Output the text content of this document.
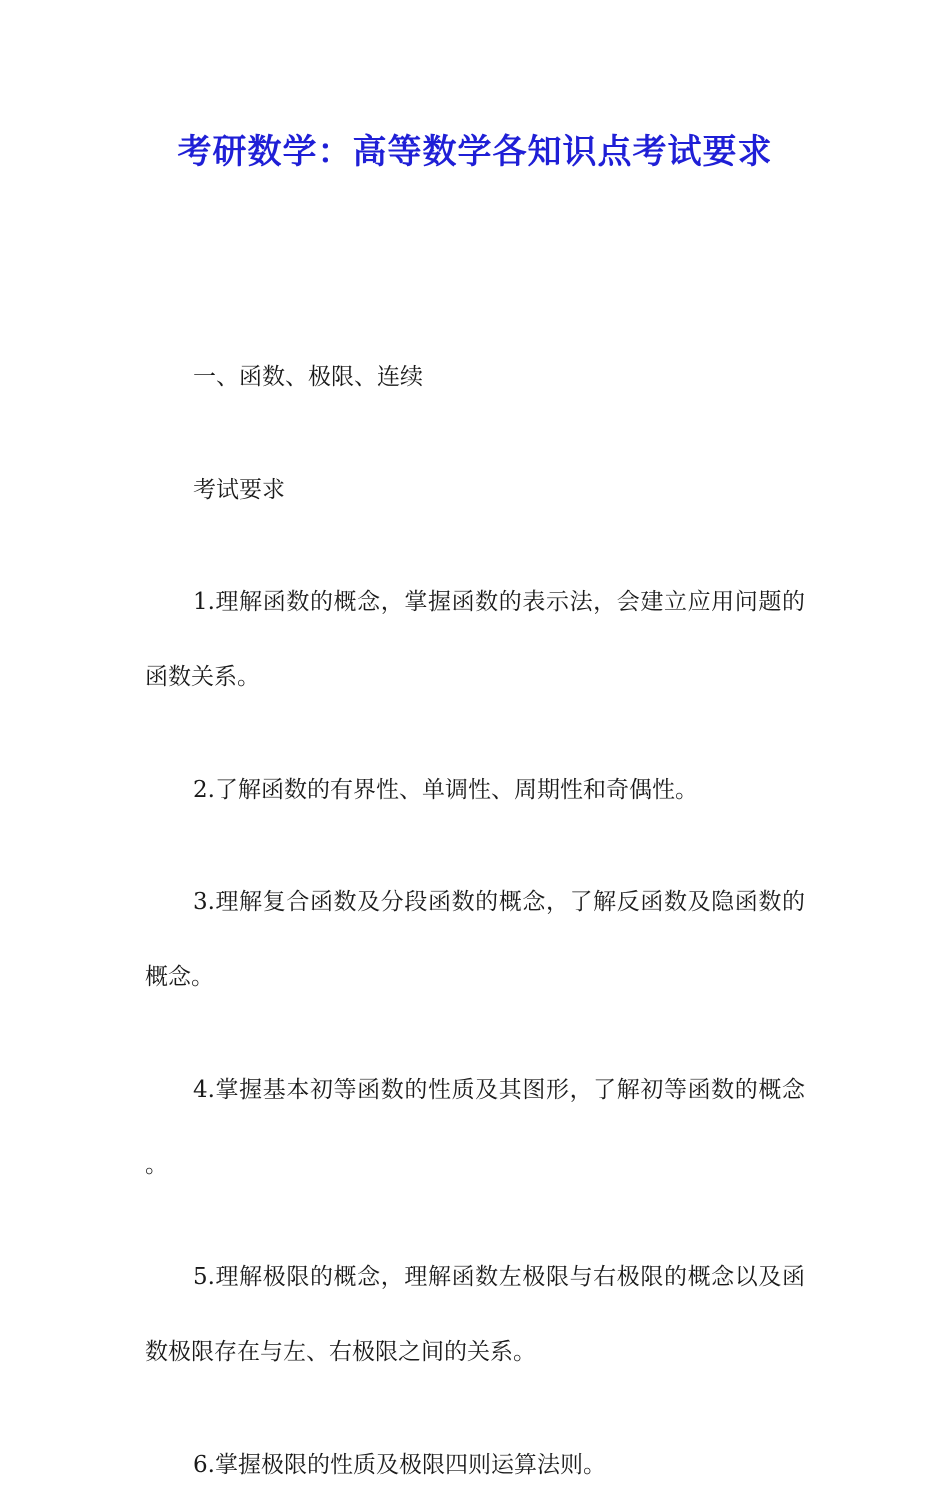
考研数学：高等数学各知识点考试要求

一、函数、极限、连续

考试要求

1.理解函数的概念，掌握函数的表示法，会建立应用问题的函数关系。

2.了解函数的有界性、单调性、周期性和奇偶性。

3.理解复合函数及分段函数的概念，了解反函数及隐函数的概念。

4.掌握基本初等函数的性质及其图形，了解初等函数的概念。

5.理解极限的概念，理解函数左极限与右极限的概念以及函数极限存在与左、右极限之间的关系。

6.掌握极限的性质及极限四则运算法则。
